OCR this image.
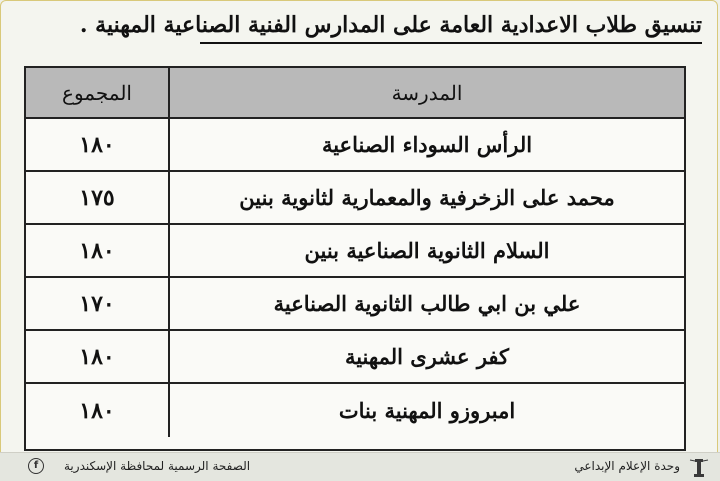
تنسيق طلاب الاعدادية العامة على المدارس الفنية الصناعية المهنية .
المدرسة
المجموع
الرأس السوداء الصناعية
١٨٠
محمد على الزخرفية والمعمارية لثانوية بنين
١٧٥
السلام الثانوية الصناعية بنين
١٨٠
علي بن ابي طالب الثانوية الصناعية
١٧٠
كفر عشرى المهنية
١٨٠
امبروزو المهنية بنات
١٨٠
f	الصفحة الرسمية لمحافظة الإسكندرية	وحدة الإعلام الإبداعي
